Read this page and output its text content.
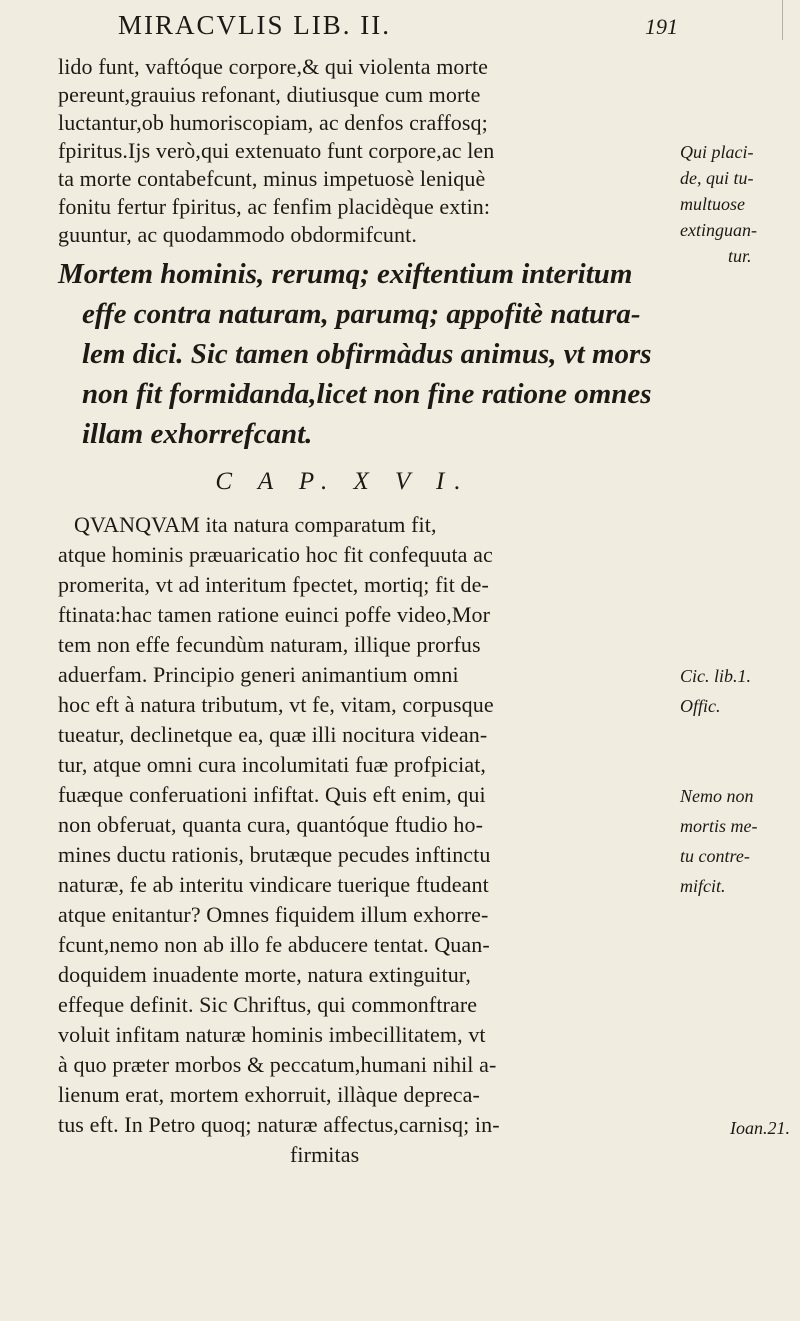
MIRACVLIS LIB. II.	191
lido funt, vaftóque corpore,& qui violenta morte
pereunt,grauius refonant, diutiusque cum morte
luctantur,ob humoriscopiam, ac denfos craffosq;
fpiritus.Ijs verò,qui extenuato funt corpore,ac len
ta morte contabefcunt, minus impetuosè leniquè
fonitu fertur fpiritus, ac fenfim placidèque extin:
guuntur, ac quodammodo obdormifcunt.
Mortem hominis, rerumq; exiftentium interitum
effe contra naturam, parumq; appofitè natura-
lem dici. Sic tamen obfirmàdus animus, vt mors
non fit formidanda,licet non fine ratione omnes
illam exhorrefcant.
C A P. X V I.
QVANQVAM ita natura comparatum fit,
atque hominis præuaricatio hoc fit confequuta ac
promerita, vt ad interitum fpectet, mortiq; fit de-
ftinata:hac tamen ratione euinci poffe video,Mor
tem non effe fecundùm naturam, illique prorfus
aduerfam. Principio generi animantium omni
hoc eft à natura tributum, vt fe, vitam, corpusque
tueatur, declinetque ea, quæ illi nocitura videan-
tur, atque omni cura incolumitati fuæ profpiciat,
fuæque conferuationi infiftat. Quis eft enim, qui
non obferuat, quanta cura, quantóque ftudio ho-
mines ductu rationis, brutæque pecudes inftinctu
naturæ, fe ab interitu vindicare tuerique ftudeant
atque enitantur? Omnes fiquidem illum exhorre-
fcunt,nemo non ab illo fe abducere tentat. Quan-
doquidem inuadente morte, natura extinguitur,
effeque definit. Sic Chriftus, qui commonftrare
voluit infitam naturæ hominis imbecillitatem, vt
à quo præter morbos & peccatum,humani nihil a-
lienum erat, mortem exhorruit, illàque depreca-
tus eft. In Petro quoq; naturæ affectus,carnisq; in-
firmitas
Qui placi-
de, qui tu-
multuose
extinguan-
tur.
Cic. lib.1.
Offic.
Nemo non
mortis me-
tu contre-
mifcit.
Ioan.21.
